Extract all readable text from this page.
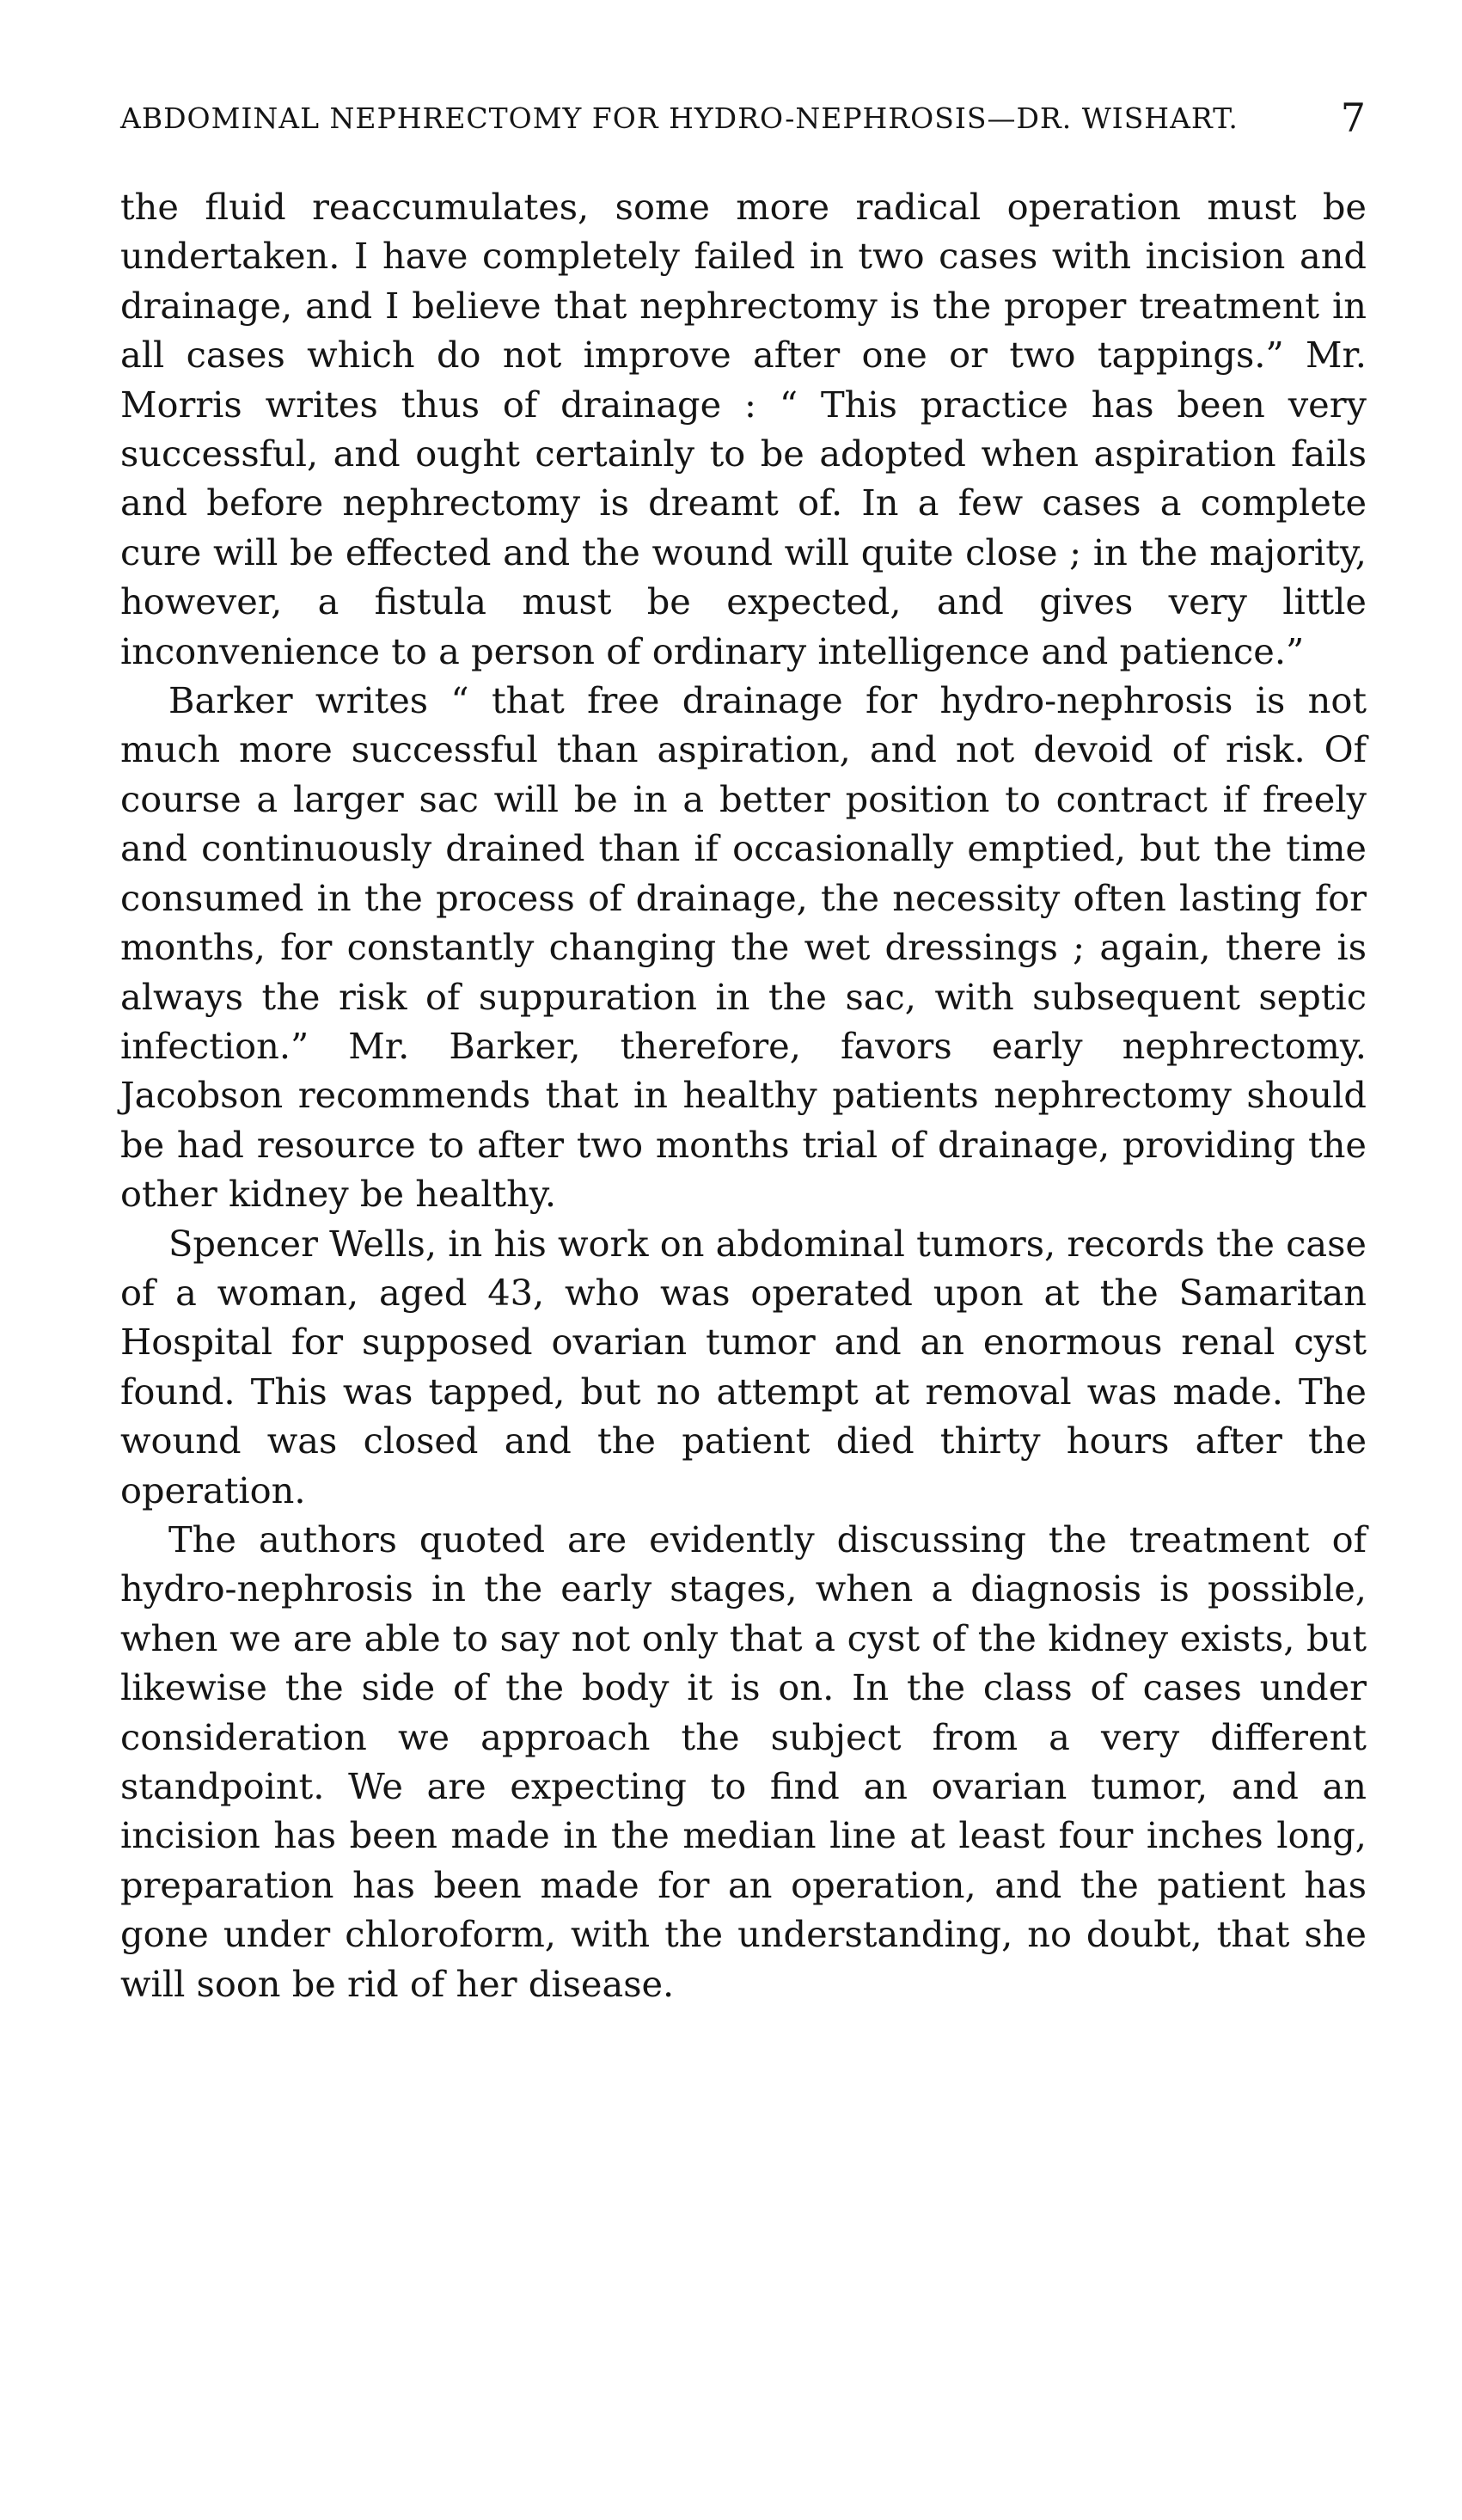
ABDOMINAL NEPHRECTOMY FOR HYDRO-NEPHROSIS—DR. WISHART.	7

the fluid reaccumulates, some more radical operation must be undertaken. I have completely failed in two cases with incision and drainage, and I believe that nephrectomy is the proper treatment in all cases which do not improve after one or two tappings.” Mr. Morris writes thus of drainage : “ This practice has been very successful, and ought certainly to be adopted when aspiration fails and before nephrectomy is dreamt of. In a few cases a complete cure will be effected and the wound will quite close ; in the majority, however, a fistula must be expected, and gives very little inconvenience to a person of ordinary intelligence and patience.”

Barker writes “ that free drainage for hydro-nephrosis is not much more successful than aspiration, and not devoid of risk. Of course a larger sac will be in a better position to contract if freely and continuously drained than if occasionally emptied, but the time consumed in the process of drainage, the necessity often lasting for months, for constantly changing the wet dressings ; again, there is always the risk of suppuration in the sac, with subsequent septic infection.” Mr. Barker, therefore, favors early nephrectomy. Jacobson recommends that in healthy patients nephrectomy should be had resource to after two months trial of drainage, providing the other kidney be healthy.

Spencer Wells, in his work on abdominal tumors, records the case of a woman, aged 43, who was operated upon at the Samaritan Hospital for supposed ovarian tumor and an enormous renal cyst found. This was tapped, but no attempt at removal was made. The wound was closed and the patient died thirty hours after the operation.

The authors quoted are evidently discussing the treatment of hydro-nephrosis in the early stages, when a diagnosis is possible, when we are able to say not only that a cyst of the kidney exists, but likewise the side of the body it is on. In the class of cases under consideration we approach the subject from a very different standpoint. We are expecting to find an ovarian tumor, and an incision has been made in the median line at least four inches long, preparation has been made for an operation, and the patient has gone under chloroform, with the understanding, no doubt, that she will soon be rid of her disease.
